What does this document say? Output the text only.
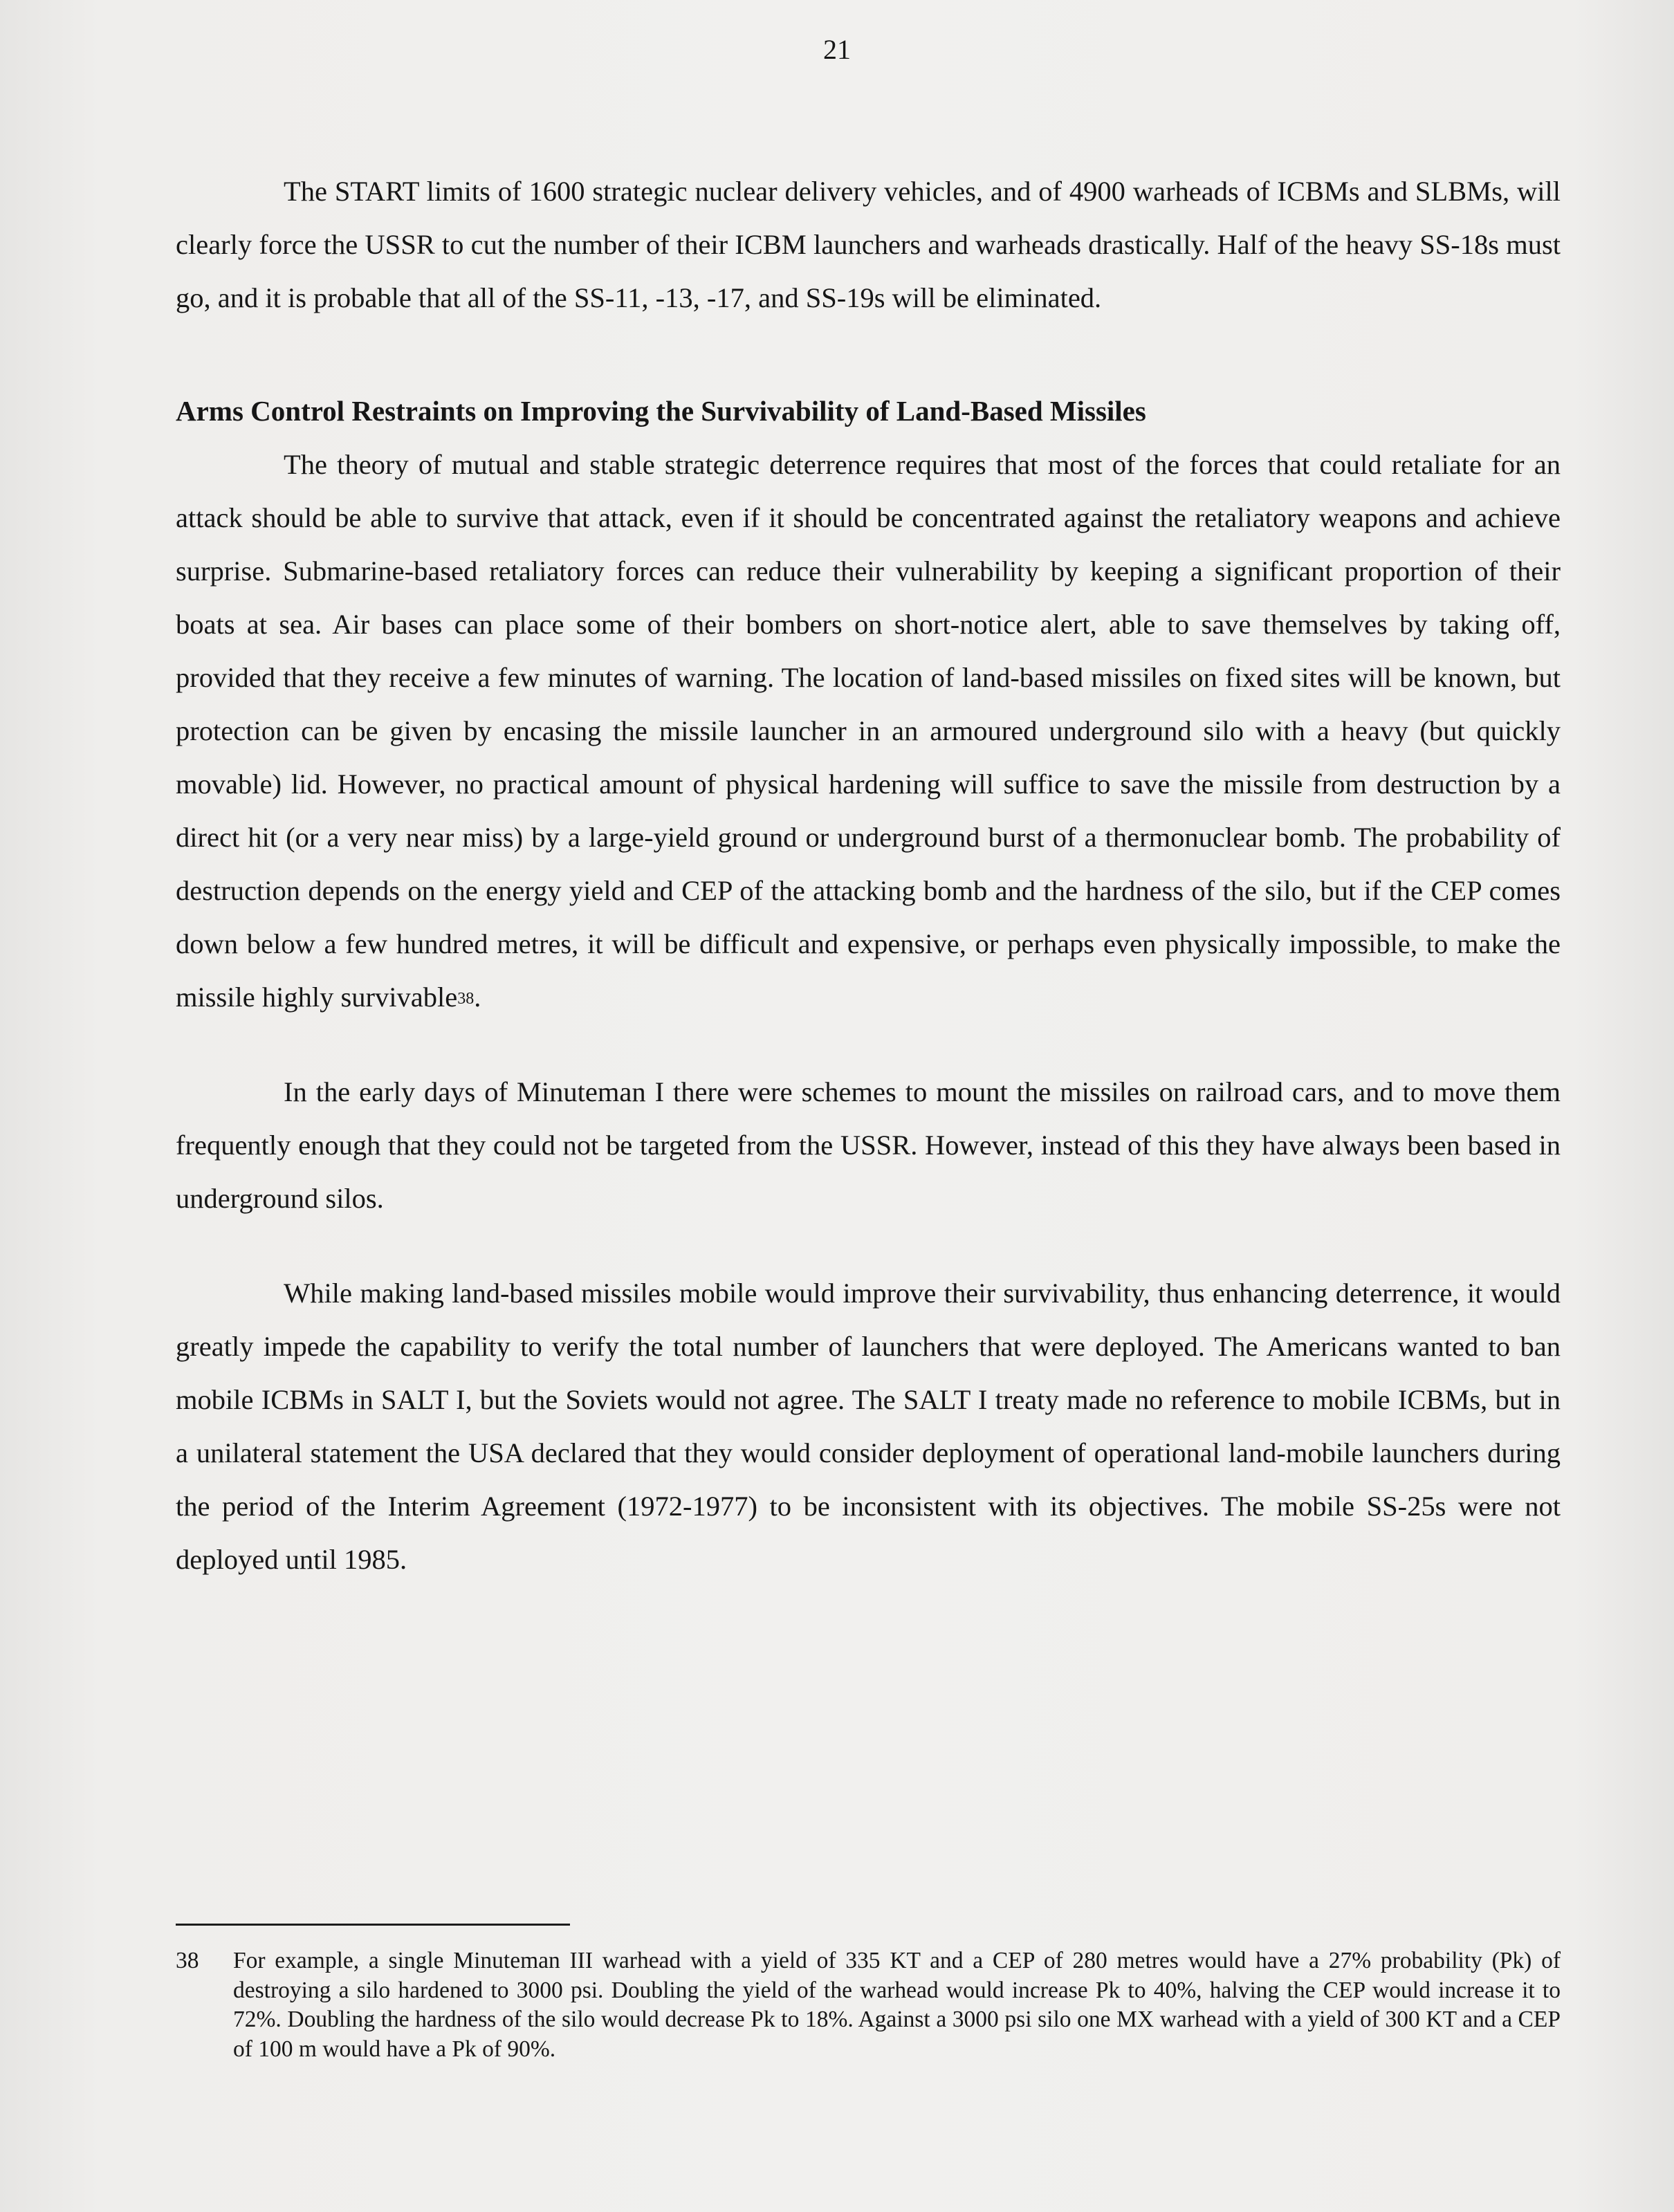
21

The START limits of 1600 strategic nuclear delivery vehicles, and of 4900 warheads of ICBMs and SLBMs, will clearly force the USSR to cut the number of their ICBM launchers and warheads drastically. Half of the heavy SS-18s must go, and it is probable that all of the SS-11, -13, -17, and SS-19s will be eliminated.

Arms Control Restraints on Improving the Survivability of Land-Based Missiles

The theory of mutual and stable strategic deterrence requires that most of the forces that could retaliate for an attack should be able to survive that attack, even if it should be concentrated against the retaliatory weapons and achieve surprise. Submarine-based retaliatory forces can reduce their vulnerability by keeping a significant proportion of their boats at sea. Air bases can place some of their bombers on short-notice alert, able to save themselves by taking off, provided that they receive a few minutes of warning. The location of land-based missiles on fixed sites will be known, but protection can be given by encasing the missile launcher in an armoured underground silo with a heavy (but quickly movable) lid. However, no practical amount of physical hardening will suffice to save the missile from destruction by a direct hit (or a very near miss) by a large-yield ground or underground burst of a thermonuclear bomb. The probability of destruction depends on the energy yield and CEP of the attacking bomb and the hardness of the silo, but if the CEP comes down below a few hundred metres, it will be difficult and expensive, or perhaps even physically impossible, to make the missile highly survivable$^{38}$.

In the early days of Minuteman I there were schemes to mount the missiles on railroad cars, and to move them frequently enough that they could not be targeted from the USSR. However, instead of this they have always been based in underground silos.

While making land-based missiles mobile would improve their survivability, thus enhancing deterrence, it would greatly impede the capability to verify the total number of launchers that were deployed. The Americans wanted to ban mobile ICBMs in SALT I, but the Soviets would not agree. The SALT I treaty made no reference to mobile ICBMs, but in a unilateral statement the USA declared that they would consider deployment of operational land-mobile launchers during the period of the Interim Agreement (1972-1977) to be inconsistent with its objectives. The mobile SS-25s were not deployed until 1985.

38	For example, a single Minuteman III warhead with a yield of 335 KT and a CEP of 280 metres would have a 27% probability (Pk) of destroying a silo hardened to 3000 psi. Doubling the yield of the warhead would increase Pk to 40%, halving the CEP would increase it to 72%. Doubling the hardness of the silo would decrease Pk to 18%. Against a 3000 psi silo one MX warhead with a yield of 300 KT and a CEP of 100 m would have a Pk of 90%.
